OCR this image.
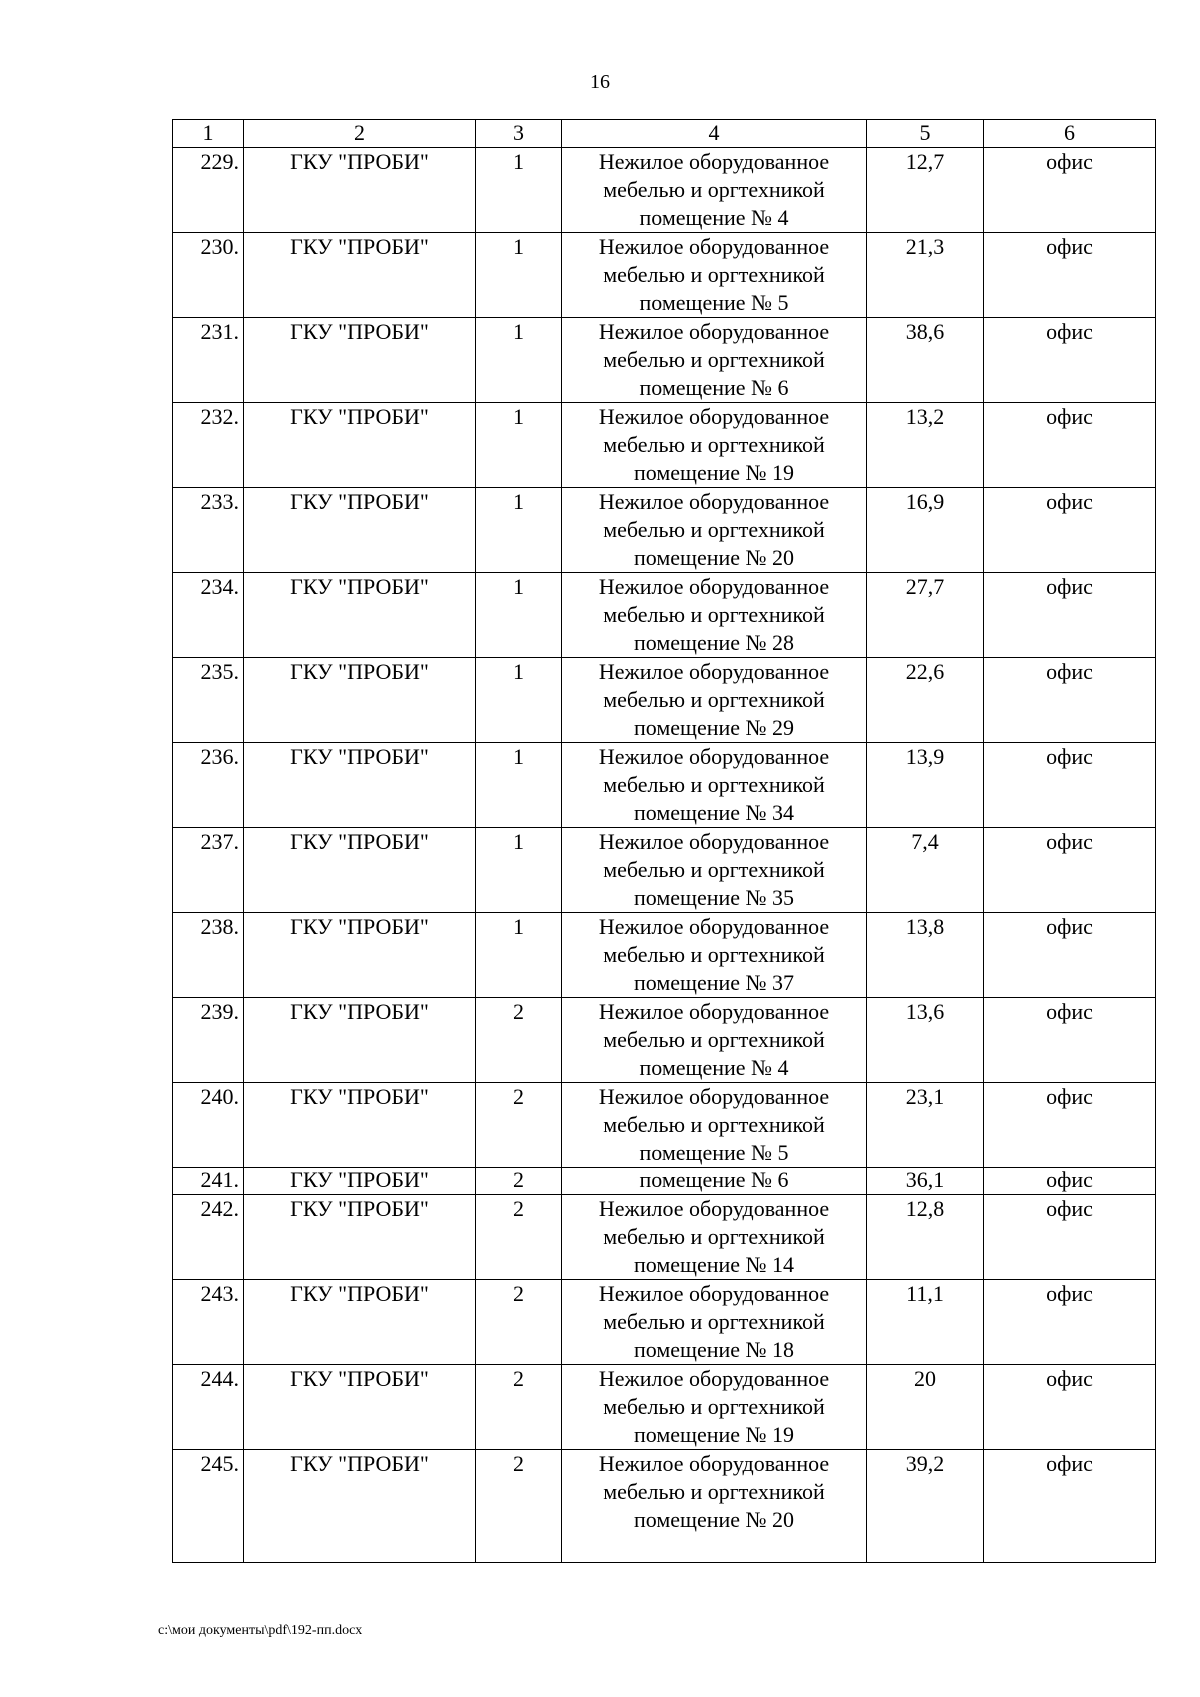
16
1	2	3	4	5	6
229.	ГКУ "ПРОБИ"	1	Нежилое оборудованное
мебелью и оргтехникой
помещение № 4	12,7	офис
230.	ГКУ "ПРОБИ"	1	Нежилое оборудованное
мебелью и оргтехникой
помещение № 5	21,3	офис
231.	ГКУ "ПРОБИ"	1	Нежилое оборудованное
мебелью и оргтехникой
помещение № 6	38,6	офис
232.	ГКУ "ПРОБИ"	1	Нежилое оборудованное
мебелью и оргтехникой
помещение № 19	13,2	офис
233.	ГКУ "ПРОБИ"	1	Нежилое оборудованное
мебелью и оргтехникой
помещение № 20	16,9	офис
234.	ГКУ "ПРОБИ"	1	Нежилое оборудованное
мебелью и оргтехникой
помещение № 28	27,7	офис
235.	ГКУ "ПРОБИ"	1	Нежилое оборудованное
мебелью и оргтехникой
помещение № 29	22,6	офис
236.	ГКУ "ПРОБИ"	1	Нежилое оборудованное
мебелью и оргтехникой
помещение № 34	13,9	офис
237.	ГКУ "ПРОБИ"	1	Нежилое оборудованное
мебелью и оргтехникой
помещение № 35	7,4	офис
238.	ГКУ "ПРОБИ"	1	Нежилое оборудованное
мебелью и оргтехникой
помещение № 37	13,8	офис
239.	ГКУ "ПРОБИ"	2	Нежилое оборудованное
мебелью и оргтехникой
помещение № 4	13,6	офис
240.	ГКУ "ПРОБИ"	2	Нежилое оборудованное
мебелью и оргтехникой
помещение № 5	23,1	офис
241.	ГКУ "ПРОБИ"	2	помещение № 6	36,1	офис
242.	ГКУ "ПРОБИ"	2	Нежилое оборудованное
мебелью и оргтехникой
помещение № 14	12,8	офис
243.	ГКУ "ПРОБИ"	2	Нежилое оборудованное
мебелью и оргтехникой
помещение № 18	11,1	офис
244.	ГКУ "ПРОБИ"	2	Нежилое оборудованное
мебелью и оргтехникой
помещение № 19	20	офис
245.	ГКУ "ПРОБИ"	2	Нежилое оборудованное
мебелью и оргтехникой
помещение № 20	39,2	офис
c:\мои документы\pdf\192-пп.docx
